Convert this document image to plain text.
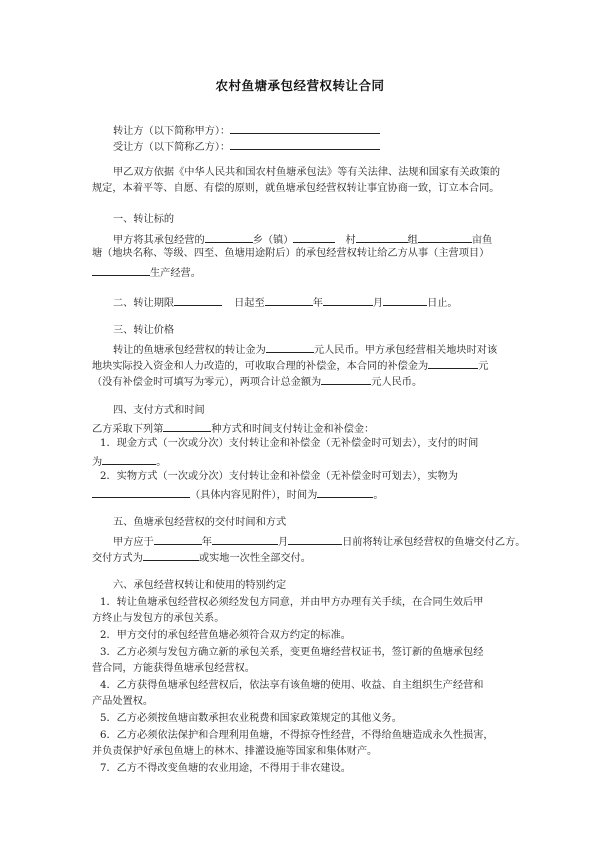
农村鱼塘承包经营权转让合同
转让方（以下简称甲方）：
受让方（以下简称乙方）：
甲乙双方依据《中华人民共和国农村鱼塘承包法》等有关法律、法规和国家有关政策的
规定，本着平等、自愿、有偿的原则，就鱼塘承包经营权转让事宜协商一致，订立本合同。
一、转让标的
甲方将其承包经营的	乡（镇）	村	组	亩鱼
塘（地块名称、等级、四至、鱼塘用途附后）的承包经营权转让给乙方从事（主营项目）
生产经营。
二、转让期限	日起至	年	月	日止。
三、转让价格
转让的鱼塘承包经营权的转让金为	元人民币。甲方承包经营相关地块时对该
地块实际投入资金和人力改造的，可收取合理的补偿金，本合同的补偿金为	元
（没有补偿金时可填写为零元），两项合计总金额为	元人民币。
四、支付方式和时间
乙方采取下列第	种方式和时间支付转让金和补偿金：
1．现金方式（一次或分次）支付转让金和补偿金（无补偿金时可划去），支付的时间
为	。
2．实物方式（一次或分次）支付转让金和补偿金（无补偿金时可划去），实物为
（具体内容见附件），时间为	。
五、鱼塘承包经营权的交付时间和方式
甲方应于	年	月	日前将转让承包经营权的鱼塘交付乙方。
交付方式为	或实地一次性全部交付。
六、承包经营权转让和使用的特别约定
1．转让鱼塘承包经营权必须经发包方同意，并由甲方办理有关手续，在合同生效后甲
方终止与发包方的承包关系。
2．甲方交付的承包经营鱼塘必须符合双方约定的标准。
3．乙方必须与发包方确立新的承包关系，变更鱼塘经营权证书，签订新的鱼塘承包经
营合同，方能获得鱼塘承包经营权。
4．乙方获得鱼塘承包经营权后，依法享有该鱼塘的使用、收益、自主组织生产经营和
产品处置权。
5．乙方必须按鱼塘亩数承担农业税费和国家政策规定的其他义务。
6．乙方必须依法保护和合理利用鱼塘，不得掠夺性经营，不得给鱼塘造成永久性损害，
并负责保护好承包鱼塘上的林木、排灌设施等国家和集体财产。
7．乙方不得改变鱼塘的农业用途，不得用于非农建设。
